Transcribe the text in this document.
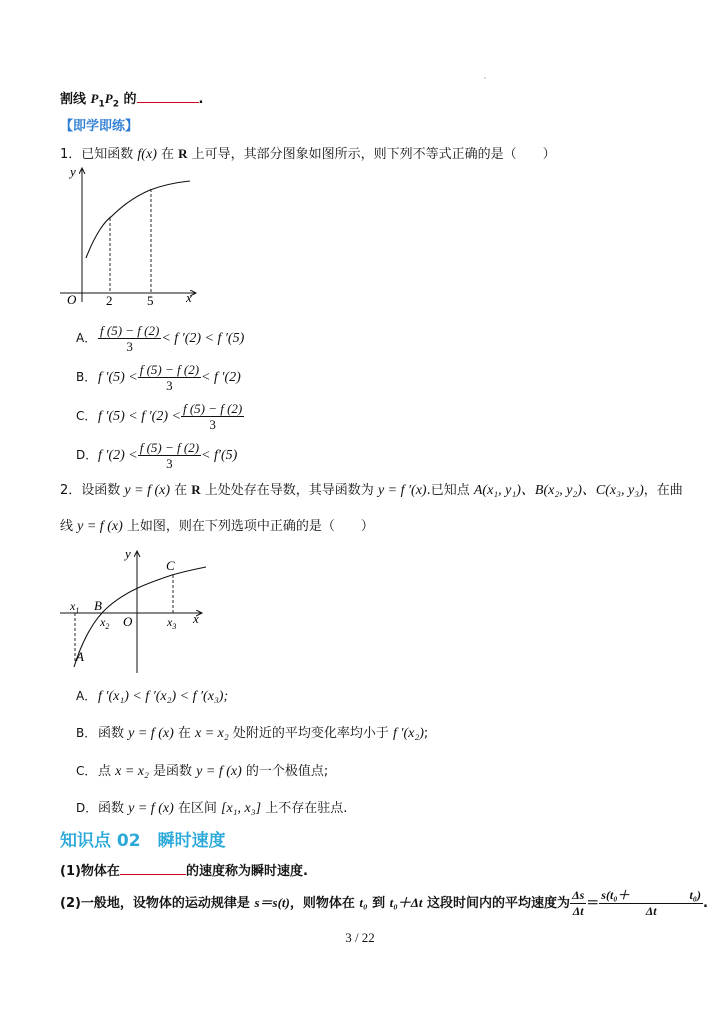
'
割线 $P_1P_2$ 的	.
【即学即练】
1．已知函数 f(x) 在 R 上可导，其部分图象如图所示，则下列不等式正确的是（　　）
y
x
O 2	5
A． $\frac{f (5) - f (2)}{3} < f$ ′(2) < f ′(5)
B． f $'(5) < \frac{f (5) - f (2)}{3} < f$ ′(2)
C． f ′(5) < f $'(2) < \frac{f (5) - f (2)}{3}$
D．f $'(2) < \frac{f (5) - f (2)}{3} < f'(5)$
2．设函数 y = f (x) 在 R 上处处存在导数，其导函数为 y = f ′(x).已知点 A(x₁, y₁)、B(x₂, y₂)、C(x₃, y₃)，在曲
线 y = f (x) 上如图，则在下列选项中正确的是（　　）
y
x
O
A
B
C
$x_1$
$x_2$	$x_3$
A． f ′(x₁) < f ′(x₂) < f ′(x₃);
B． 函数 y = f (x) 在 x = x₂ 处附近的平均变化率均小于 f ′(x₂);
C． 点 x = x₂ 是函数 y = f (x) 的一个极值点;
D．函数 y = f (x) 在区间 [x₁, x₃] 上不存在驻点.
知识点 02　瞬时速度
(1)物体在	的速度称为瞬时速度.
(2)一般地，设物体的运动规律是 s＝s(t)，则物体在 t₀ 到 t₀＋Δt 这段时间内的平均速度为 $\frac{\Delta s}{\Delta t} = \frac{\text{s(t₀＋　　　　　t₀)}}{\Delta t}$ .
3 / 22
